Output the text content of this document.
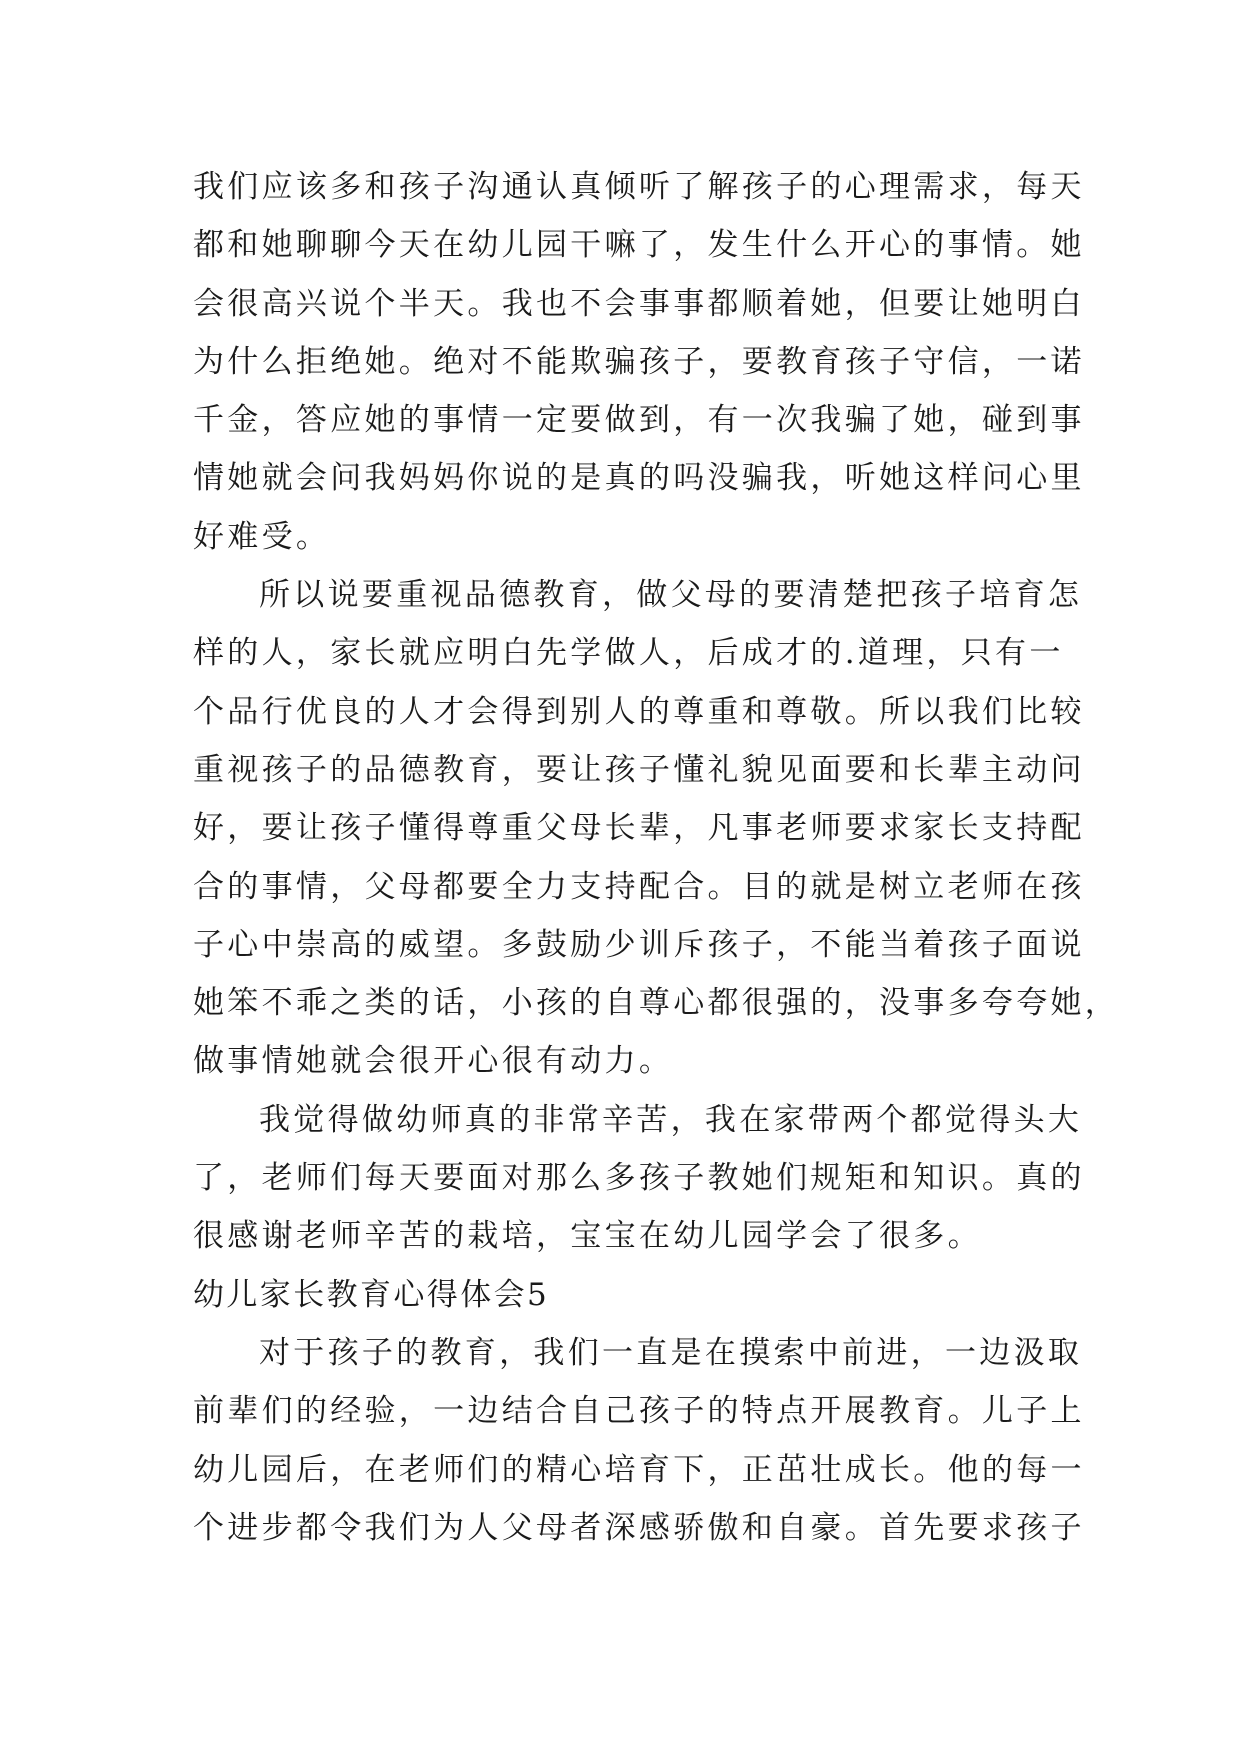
我们应该多和孩子沟通认真倾听了解孩子的心理需求，每天
都和她聊聊今天在幼儿园干嘛了，发生什么开心的事情。她
会很高兴说个半天。我也不会事事都顺着她，但要让她明白
为什么拒绝她。绝对不能欺骗孩子，要教育孩子守信，一诺
千金，答应她的事情一定要做到，有一次我骗了她，碰到事
情她就会问我妈妈你说的是真的吗没骗我，听她这样问心里
好难受。
所以说要重视品德教育，做父母的要清楚把孩子培育怎
样的人，家长就应明白先学做人，后成才的.道理，只有一
个品行优良的人才会得到别人的尊重和尊敬。所以我们比较
重视孩子的品德教育，要让孩子懂礼貌见面要和长辈主动问
好，要让孩子懂得尊重父母长辈，凡事老师要求家长支持配
合的事情，父母都要全力支持配合。目的就是树立老师在孩
子心中崇高的威望。多鼓励少训斥孩子，不能当着孩子面说
她笨不乖之类的话，小孩的自尊心都很强的，没事多夸夸她，
做事情她就会很开心很有动力。
我觉得做幼师真的非常辛苦，我在家带两个都觉得头大
了，老师们每天要面对那么多孩子教她们规矩和知识。真的
很感谢老师辛苦的栽培，宝宝在幼儿园学会了很多。
幼儿家长教育心得体会5
对于孩子的教育，我们一直是在摸索中前进，一边汲取
前辈们的经验，一边结合自己孩子的特点开展教育。儿子上
幼儿园后，在老师们的精心培育下，正茁壮成长。他的每一
个进步都令我们为人父母者深感骄傲和自豪。首先要求孩子
